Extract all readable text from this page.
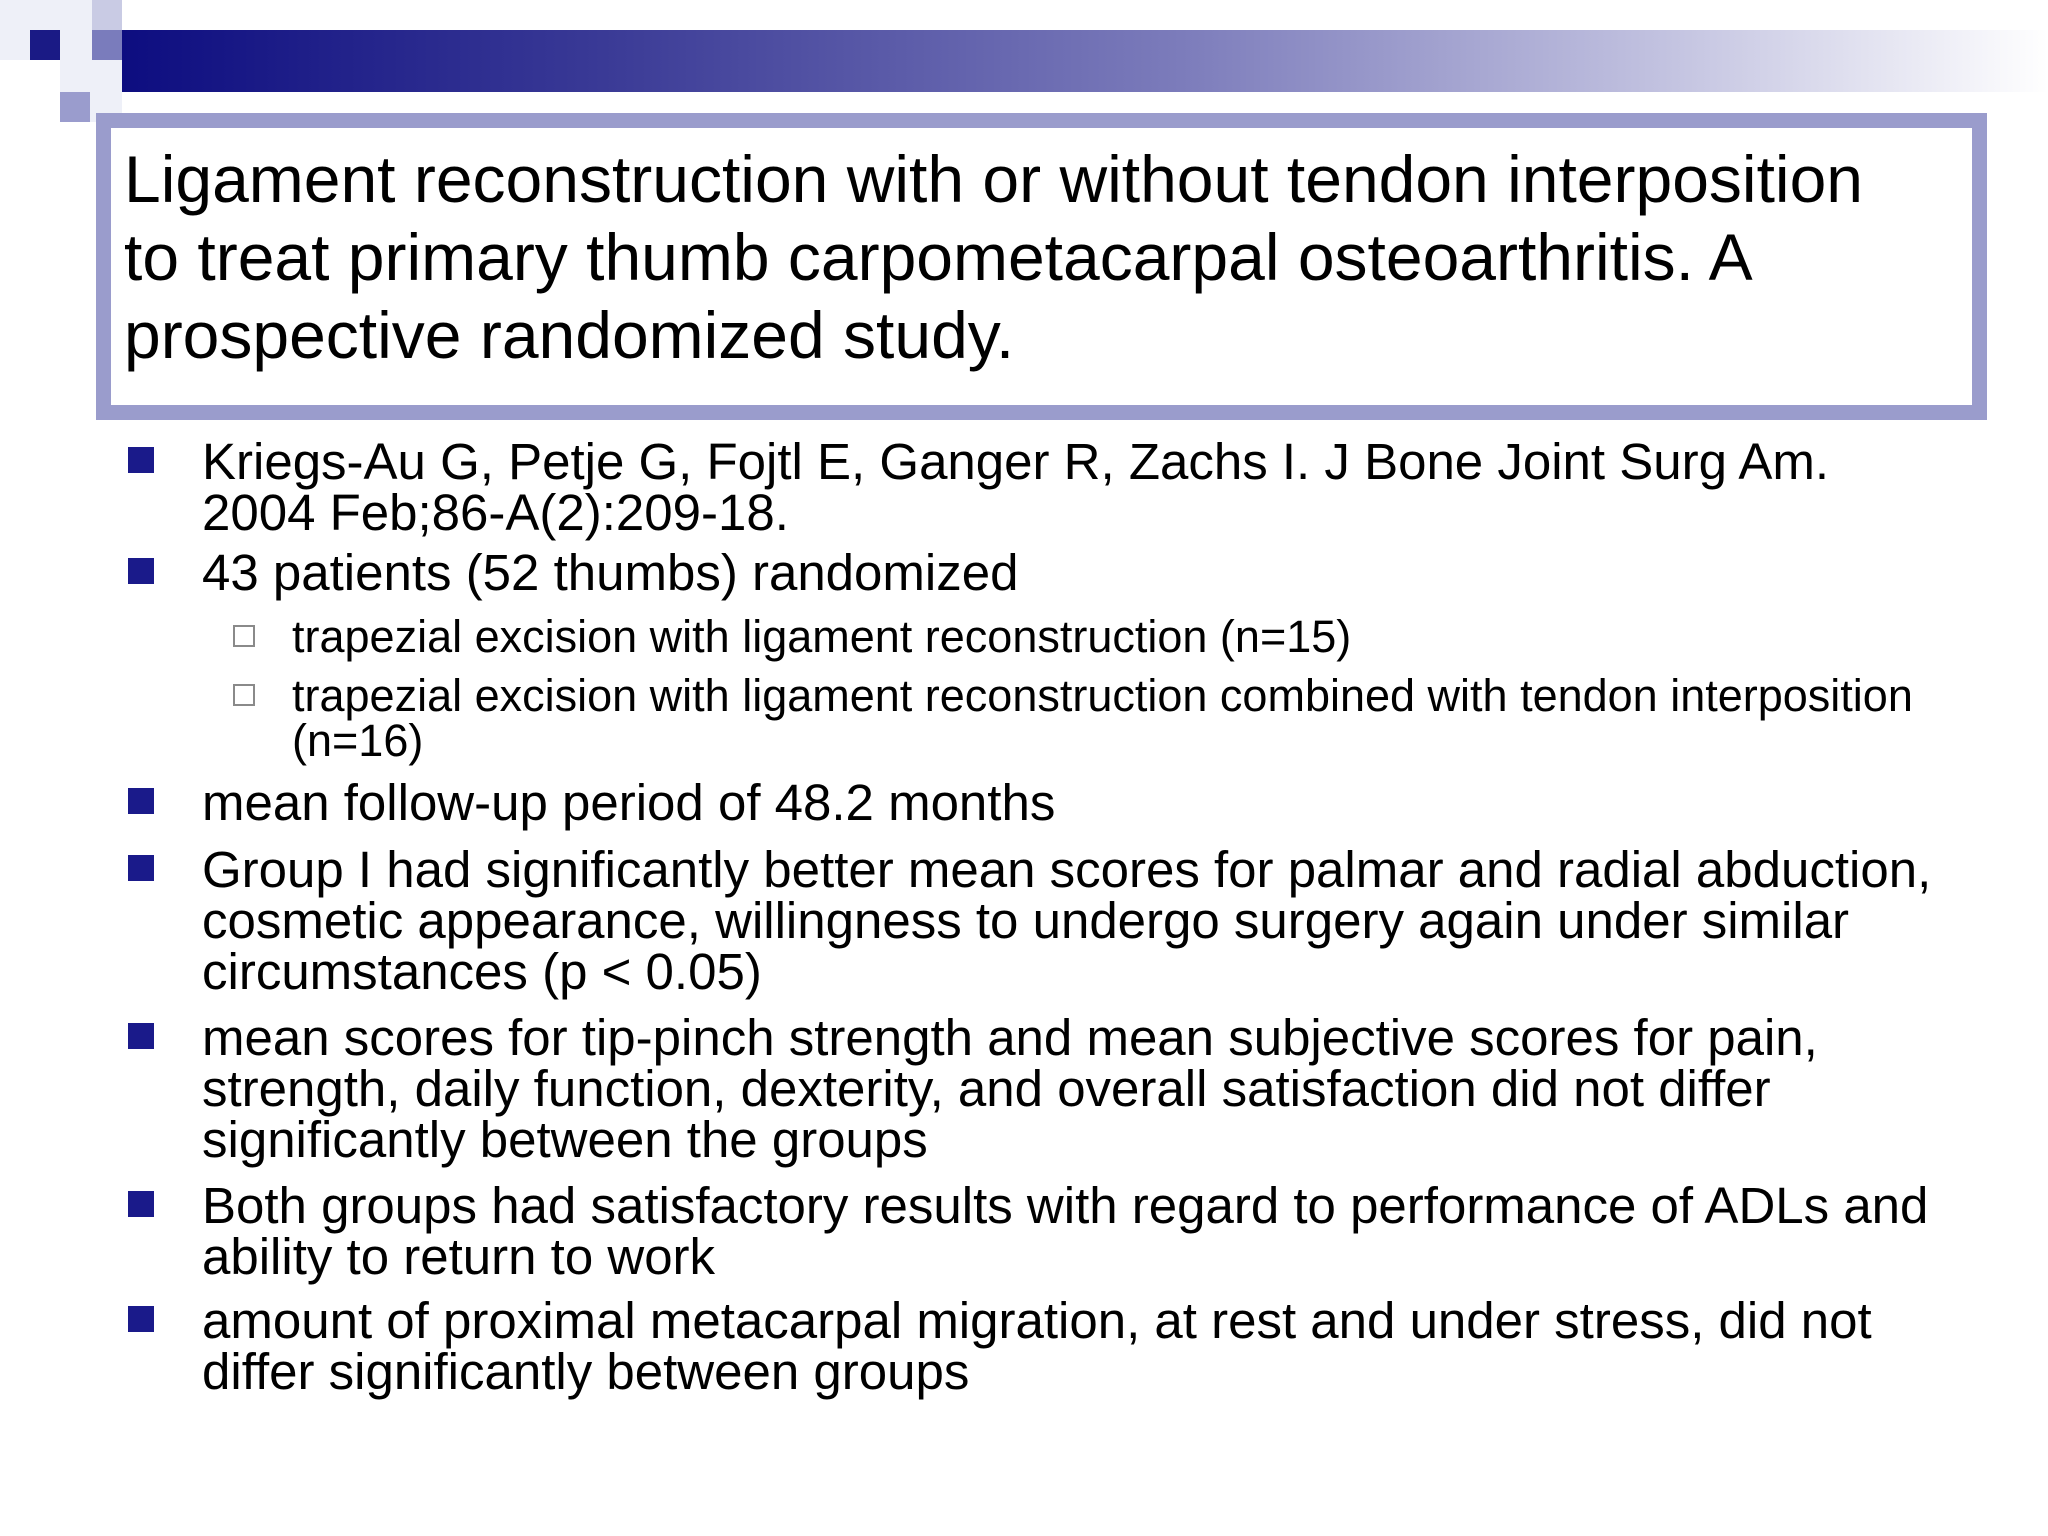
Ligament reconstruction with or without tendon interposition to treat primary thumb carpometacarpal osteoarthritis. A prospective randomized study.
Kriegs-Au G, Petje G, Fojtl E, Ganger R, Zachs I. J Bone Joint Surg Am. 2004 Feb;86-A(2):209-18.
43 patients (52 thumbs) randomized
trapezial excision with ligament reconstruction (n=15)
trapezial excision with ligament reconstruction combined with tendon interposition (n=16)
mean follow-up period of 48.2 months
Group I had significantly better mean scores for palmar and radial abduction, cosmetic appearance, willingness to undergo surgery again under similar circumstances (p < 0.05)
mean scores for tip-pinch strength and mean subjective scores for pain, strength, daily function, dexterity, and overall satisfaction did not differ significantly between the groups
Both groups had satisfactory results with regard to performance of ADLs and ability to return to work
amount of proximal metacarpal migration, at rest and under stress, did not differ significantly between groups
